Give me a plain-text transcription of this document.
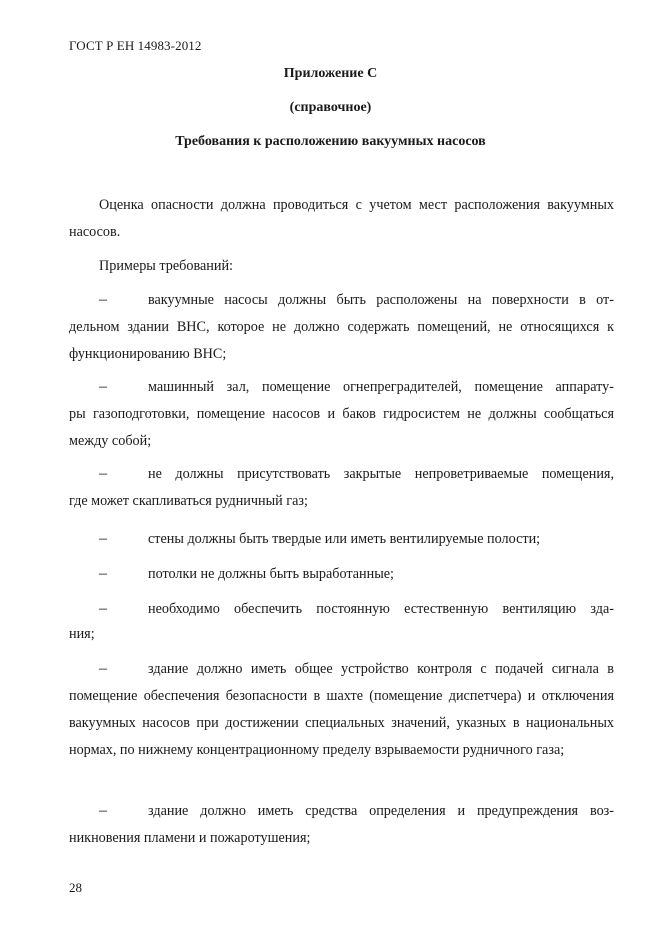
ГОСТ Р ЕН 14983-2012
Приложение С
(справочное)
Требования к расположению вакуумных насосов
Оценка опасности должна проводиться с учетом мест расположения вакуумных насосов.
Примеры требований:
–	вакуумные насосы должны быть расположены на поверхности в от-
дельном здании ВНС, которое не должно содержать помещений, не относящихся к функционированию ВНС;
–	машинный зал, помещение огнепреградителей, помещение аппарату-
ры газоподготовки, помещение насосов и баков гидросистем не должны сообщаться между собой;
–	не должны присутствовать закрытые непроветриваемые помещения,
где может скапливаться рудничный газ;
–	стены должны быть твердые или иметь вентилируемые полости;
–	потолки не должны быть выработанные;
–	необходимо обеспечить постоянную естественную вентиляцию зда-
ния;
–	здание должно иметь общее устройство контроля с подачей сигнала в
помещение обеспечения безопасности в шахте (помещение диспетчера) и отключения вакуумных насосов при достижении специальных значений, указных в национальных нормах, по нижнему концентрационному пределу взрываемости рудничного газа;
–	здание должно иметь средства определения и предупреждения воз-
никновения пламени и пожаротушения;
28
